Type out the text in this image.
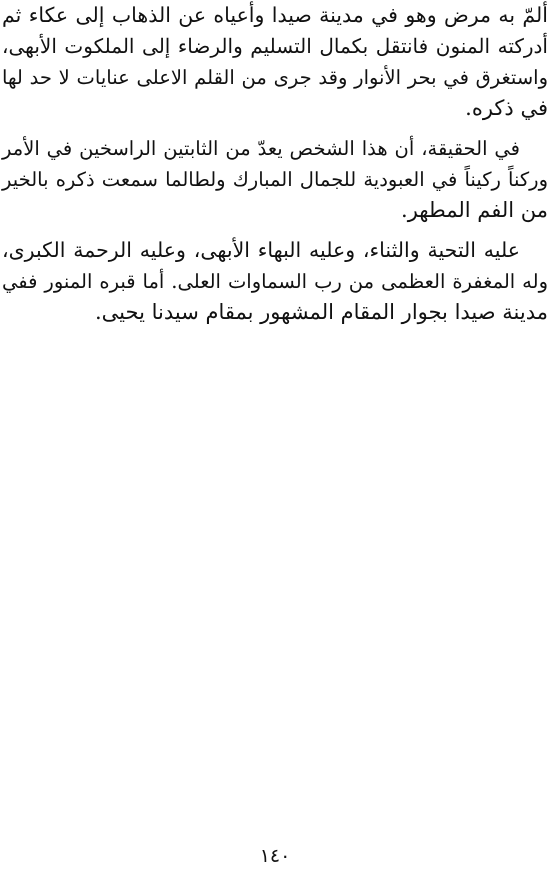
ألمّ به مرض وهو في مدينة صيدا وأعياه عن الذهاب إلى عكاء ثم
أدركته المنون فانتقل بكمال التسليم والرضاء إلى الملكوت الأبهى،
واستغرق في بحر الأنوار وقد جرى من القلم الاعلى عنايات لا حد لها
في ذكره.

في الحقيقة، أن هذا الشخص يعدّ من الثابتين الراسخين في الأمر
وركناً ركيناً في العبودية للجمال المبارك ولطالما سمعت ذكره بالخير
من الفم المطهر.

عليه التحية والثناء، وعليه البهاء الأبهى، وعليه الرحمة الكبرى،
وله المغفرة العظمى من رب السماوات العلى. أما قبره المنور ففي
مدينة صيدا بجوار المقام المشهور بمقام سيدنا يحيى.

١٤٠
